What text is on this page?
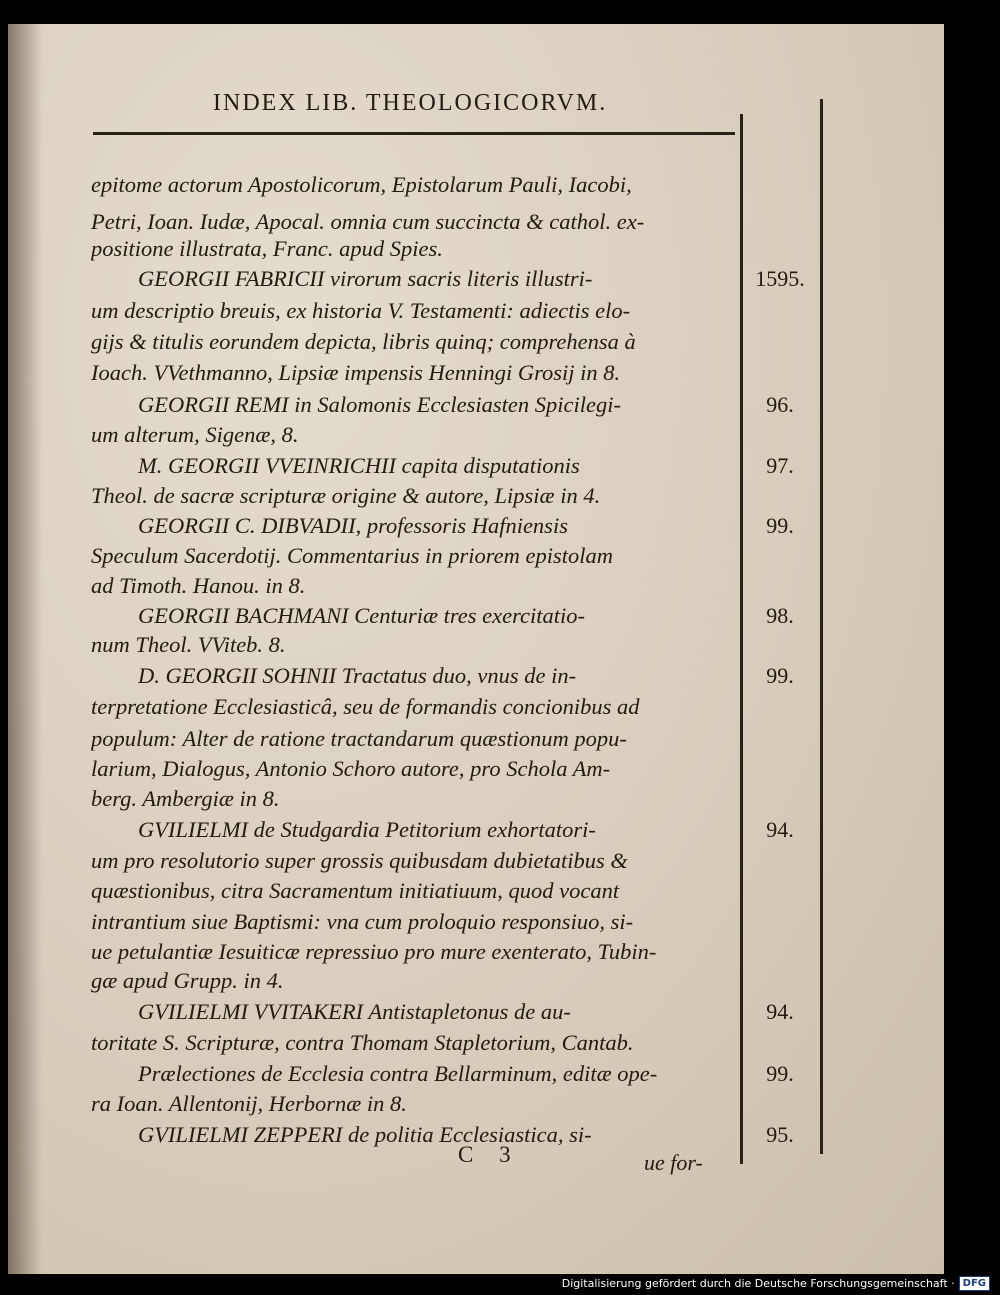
INDEX LIB. THEOLOGICORVM.
epitome actorum Apostolicorum, Epistolarum Pauli, Iacobi,
Petri, Ioan. Iudæ, Apocal. omnia cum succincta & cathol. ex-
positione illustrata, Franc. apud Spies.
GEORGII FABRICII virorum sacris literis illustri-
um descriptio breuis, ex historia V. Testamenti: adiectis elo-
gijs & titulis eorundem depicta, libris quinq; comprehensa à
Ioach. VVethmanno, Lipsiæ impensis Henningi Grosij in 8.
GEORGII REMI in Salomonis Ecclesiasten Spicilegi-
um alterum, Sigenæ, 8.
M. GEORGII VVEINRICHII capita disputationis
Theol. de sacræ scripturæ origine & autore, Lipsiæ in 4.
GEORGII C. DIBVADII, professoris Hafniensis
Speculum Sacerdotij. Commentarius in priorem epistolam
ad Timoth. Hanou. in 8.
GEORGII BACHMANI Centuriæ tres exercitatio-
num Theol. VViteb. 8.
D. GEORGII SOHNII Tractatus duo, vnus de in-
terpretatione Ecclesiasticâ, seu de formandis concionibus ad
populum: Alter de ratione tractandarum quæstionum popu-
larium, Dialogus, Antonio Schoro autore, pro Schola Am-
berg. Ambergiæ in 8.
GVILIELMI de Studgardia Petitorium exhortatori-
um pro resolutorio super grossis quibusdam dubietatibus &
quæstionibus, citra Sacramentum initiatiuum, quod vocant
intrantium siue Baptismi: vna cum proloquio responsiuo, si-
ue petulantiæ Iesuiticæ repressiuo pro mure exenterato, Tubin-
gæ apud Grupp. in 4.
GVILIELMI VVITAKERI Antistapletonus de au-
toritate S. Scripturæ, contra Thomam Stapletorium, Cantab.
Prælectiones de Ecclesia contra Bellarminum, editæ ope-
ra Ioan. Allentonij, Herbornæ in 8.
GVILIELMI ZEPPERI de politia Ecclesiastica, si-
1595.
96.
97.
99.
98.
99.
94.
94.
99.
95.
C 3	ue for-
Digitalisierung gefördert durch die Deutsche Forschungsgemeinschaft · DFG
